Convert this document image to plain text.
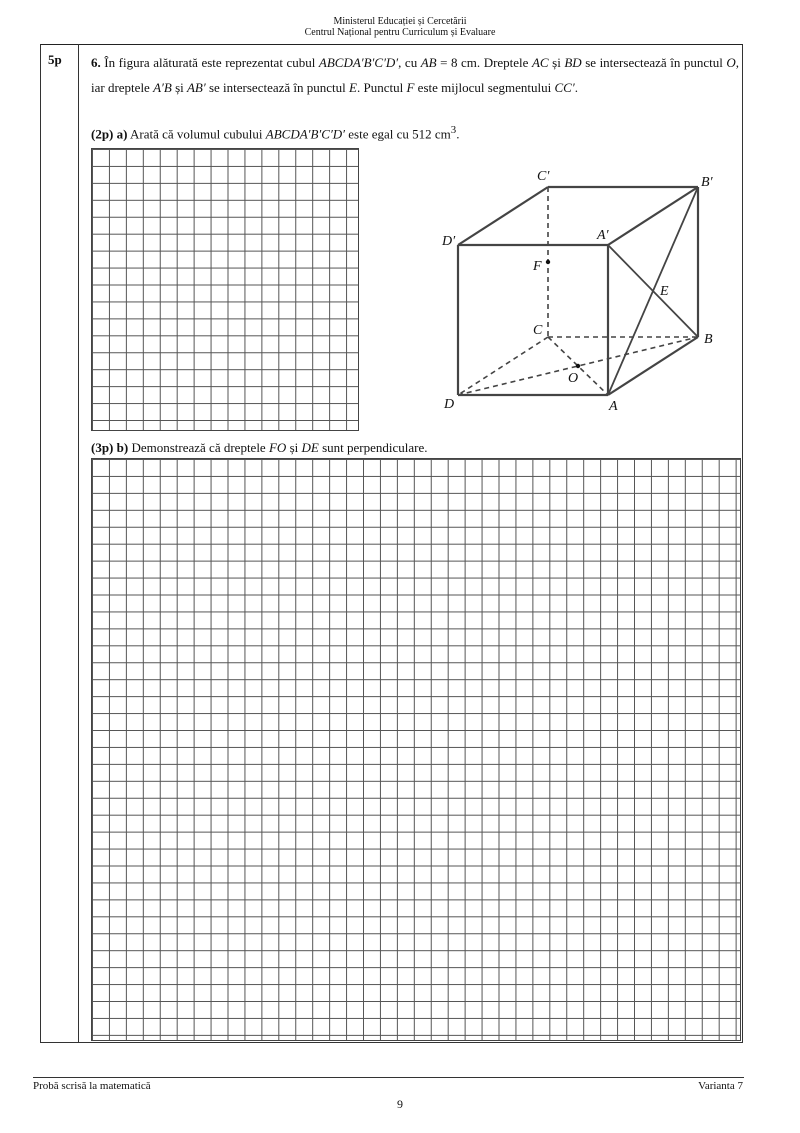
Ministerul Educației și Cercetării
Centrul Național pentru Curriculum și Evaluare
5p 6. În figura alăturată este reprezentat cubul ABCDA′B′C′D′, cu AB = 8 cm. Dreptele AC și BD se intersectează în punctul O, iar dreptele A′B și AB′ se intersectează în punctul E. Punctul F este mijlocul segmentului CC′.
(2p) a) Arată că volumul cubului ABCDA′B′C′D′ este egal cu 512 $cm^3$.
C′	B′
D′	A′
F
E
C
B
O
D	A
(3p) b) Demonstrează că dreptele FO și DE sunt perpendiculare.
Probă scrisă la matematică	Varianta 7
9
